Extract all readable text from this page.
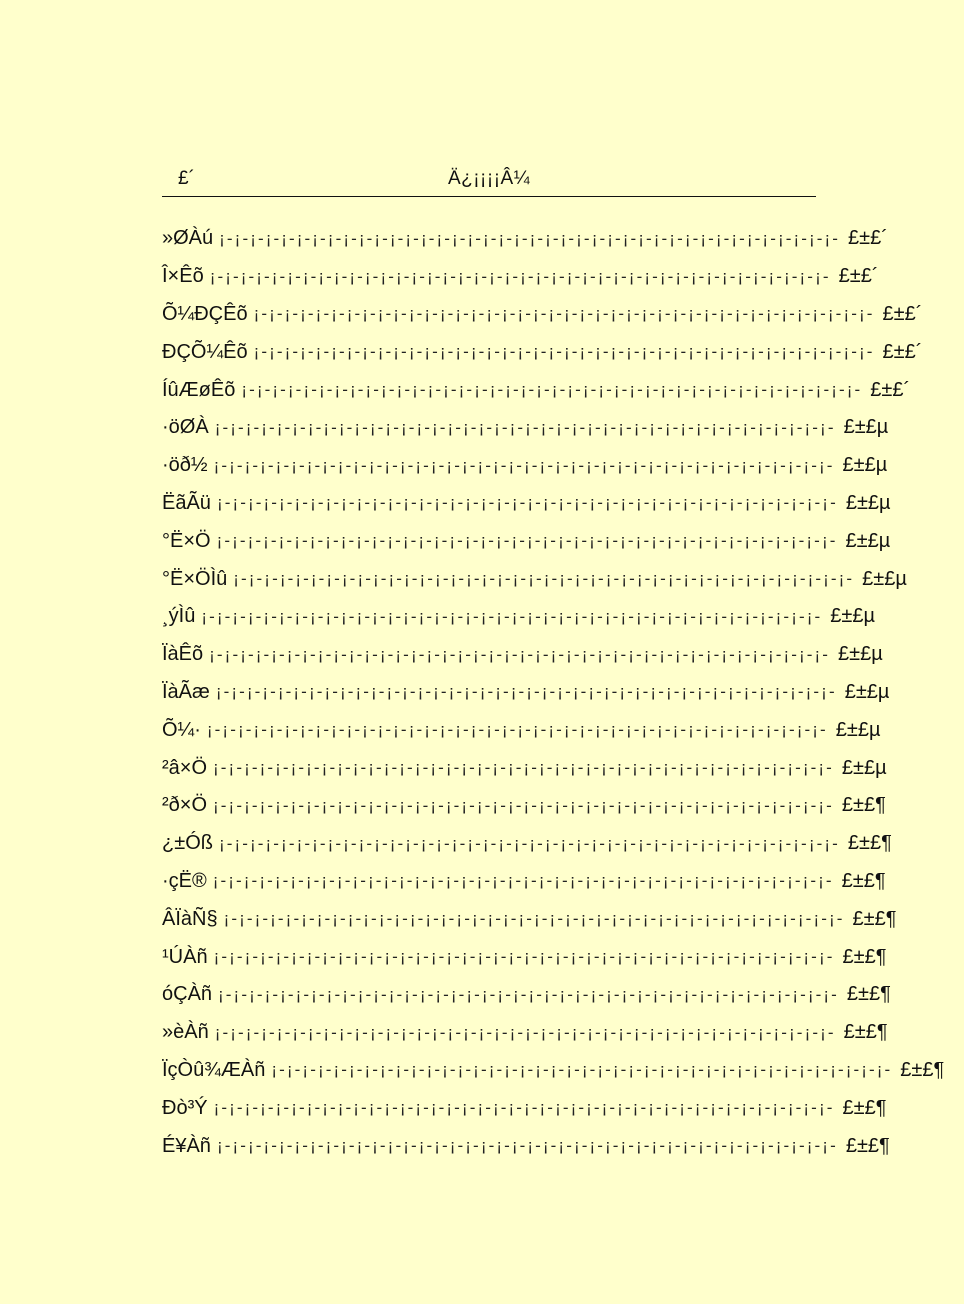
£´	Ä¿¡¡¡¡Â¼
»ØÀú ¡-¡-¡-¡-¡-¡-¡-¡-¡-¡-¡-¡-¡-¡-¡-¡-¡-¡-¡-¡-¡-¡-¡-¡-¡-¡-¡-¡-¡-¡-¡-¡-¡-¡-¡-¡-¡-¡-¡-¡- £±£´
Î×Êõ ¡-¡-¡-¡-¡-¡-¡-¡-¡-¡-¡-¡-¡-¡-¡-¡-¡-¡-¡-¡-¡-¡-¡-¡-¡-¡-¡-¡-¡-¡-¡-¡-¡-¡-¡-¡-¡-¡-¡-¡- £±£´
Õ¼ÐÇÊõ ¡-¡-¡-¡-¡-¡-¡-¡-¡-¡-¡-¡-¡-¡-¡-¡-¡-¡-¡-¡-¡-¡-¡-¡-¡-¡-¡-¡-¡-¡-¡-¡-¡-¡-¡-¡-¡-¡-¡-¡- £±£´
ÐÇÕ¼Êõ ¡-¡-¡-¡-¡-¡-¡-¡-¡-¡-¡-¡-¡-¡-¡-¡-¡-¡-¡-¡-¡-¡-¡-¡-¡-¡-¡-¡-¡-¡-¡-¡-¡-¡-¡-¡-¡-¡-¡-¡- £±£´
ÍûÆøÊõ ¡-¡-¡-¡-¡-¡-¡-¡-¡-¡-¡-¡-¡-¡-¡-¡-¡-¡-¡-¡-¡-¡-¡-¡-¡-¡-¡-¡-¡-¡-¡-¡-¡-¡-¡-¡-¡-¡-¡-¡- £±£´
·öØÀ ¡-¡-¡-¡-¡-¡-¡-¡-¡-¡-¡-¡-¡-¡-¡-¡-¡-¡-¡-¡-¡-¡-¡-¡-¡-¡-¡-¡-¡-¡-¡-¡-¡-¡-¡-¡-¡-¡-¡-¡- £±£µ
·öð½ ¡-¡-¡-¡-¡-¡-¡-¡-¡-¡-¡-¡-¡-¡-¡-¡-¡-¡-¡-¡-¡-¡-¡-¡-¡-¡-¡-¡-¡-¡-¡-¡-¡-¡-¡-¡-¡-¡-¡-¡- £±£µ
ËãÃü ¡-¡-¡-¡-¡-¡-¡-¡-¡-¡-¡-¡-¡-¡-¡-¡-¡-¡-¡-¡-¡-¡-¡-¡-¡-¡-¡-¡-¡-¡-¡-¡-¡-¡-¡-¡-¡-¡-¡-¡- £±£µ
°Ë×Ö ¡-¡-¡-¡-¡-¡-¡-¡-¡-¡-¡-¡-¡-¡-¡-¡-¡-¡-¡-¡-¡-¡-¡-¡-¡-¡-¡-¡-¡-¡-¡-¡-¡-¡-¡-¡-¡-¡-¡-¡- £±£µ
°Ë×ÖÌû ¡-¡-¡-¡-¡-¡-¡-¡-¡-¡-¡-¡-¡-¡-¡-¡-¡-¡-¡-¡-¡-¡-¡-¡-¡-¡-¡-¡-¡-¡-¡-¡-¡-¡-¡-¡-¡-¡-¡-¡- £±£µ
¸ýÌû ¡-¡-¡-¡-¡-¡-¡-¡-¡-¡-¡-¡-¡-¡-¡-¡-¡-¡-¡-¡-¡-¡-¡-¡-¡-¡-¡-¡-¡-¡-¡-¡-¡-¡-¡-¡-¡-¡-¡-¡- £±£µ
ÏàÊõ ¡-¡-¡-¡-¡-¡-¡-¡-¡-¡-¡-¡-¡-¡-¡-¡-¡-¡-¡-¡-¡-¡-¡-¡-¡-¡-¡-¡-¡-¡-¡-¡-¡-¡-¡-¡-¡-¡-¡-¡- £±£µ
ÏàÃæ ¡-¡-¡-¡-¡-¡-¡-¡-¡-¡-¡-¡-¡-¡-¡-¡-¡-¡-¡-¡-¡-¡-¡-¡-¡-¡-¡-¡-¡-¡-¡-¡-¡-¡-¡-¡-¡-¡-¡-¡- £±£µ
Õ¼· ¡-¡-¡-¡-¡-¡-¡-¡-¡-¡-¡-¡-¡-¡-¡-¡-¡-¡-¡-¡-¡-¡-¡-¡-¡-¡-¡-¡-¡-¡-¡-¡-¡-¡-¡-¡-¡-¡-¡-¡- £±£µ
²â×Ö ¡-¡-¡-¡-¡-¡-¡-¡-¡-¡-¡-¡-¡-¡-¡-¡-¡-¡-¡-¡-¡-¡-¡-¡-¡-¡-¡-¡-¡-¡-¡-¡-¡-¡-¡-¡-¡-¡-¡-¡- £±£µ
²ð×Ö ¡-¡-¡-¡-¡-¡-¡-¡-¡-¡-¡-¡-¡-¡-¡-¡-¡-¡-¡-¡-¡-¡-¡-¡-¡-¡-¡-¡-¡-¡-¡-¡-¡-¡-¡-¡-¡-¡-¡-¡- £±£¶
¿±Óß ¡-¡-¡-¡-¡-¡-¡-¡-¡-¡-¡-¡-¡-¡-¡-¡-¡-¡-¡-¡-¡-¡-¡-¡-¡-¡-¡-¡-¡-¡-¡-¡-¡-¡-¡-¡-¡-¡-¡-¡- £±£¶
·çË® ¡-¡-¡-¡-¡-¡-¡-¡-¡-¡-¡-¡-¡-¡-¡-¡-¡-¡-¡-¡-¡-¡-¡-¡-¡-¡-¡-¡-¡-¡-¡-¡-¡-¡-¡-¡-¡-¡-¡-¡- £±£¶
ÂÏàÑ§ ¡-¡-¡-¡-¡-¡-¡-¡-¡-¡-¡-¡-¡-¡-¡-¡-¡-¡-¡-¡-¡-¡-¡-¡-¡-¡-¡-¡-¡-¡-¡-¡-¡-¡-¡-¡-¡-¡-¡-¡- £±£¶
¹ÚÀñ ¡-¡-¡-¡-¡-¡-¡-¡-¡-¡-¡-¡-¡-¡-¡-¡-¡-¡-¡-¡-¡-¡-¡-¡-¡-¡-¡-¡-¡-¡-¡-¡-¡-¡-¡-¡-¡-¡-¡-¡- £±£¶
óÇÀñ ¡-¡-¡-¡-¡-¡-¡-¡-¡-¡-¡-¡-¡-¡-¡-¡-¡-¡-¡-¡-¡-¡-¡-¡-¡-¡-¡-¡-¡-¡-¡-¡-¡-¡-¡-¡-¡-¡-¡-¡- £±£¶
»èÀñ ¡-¡-¡-¡-¡-¡-¡-¡-¡-¡-¡-¡-¡-¡-¡-¡-¡-¡-¡-¡-¡-¡-¡-¡-¡-¡-¡-¡-¡-¡-¡-¡-¡-¡-¡-¡-¡-¡-¡-¡- £±£¶
ÏçÒû¾ÆÀñ ¡-¡-¡-¡-¡-¡-¡-¡-¡-¡-¡-¡-¡-¡-¡-¡-¡-¡-¡-¡-¡-¡-¡-¡-¡-¡-¡-¡-¡-¡-¡-¡-¡-¡-¡-¡-¡-¡-¡-¡- £±£¶
Ðò³Ý ¡-¡-¡-¡-¡-¡-¡-¡-¡-¡-¡-¡-¡-¡-¡-¡-¡-¡-¡-¡-¡-¡-¡-¡-¡-¡-¡-¡-¡-¡-¡-¡-¡-¡-¡-¡-¡-¡-¡-¡- £±£¶
É¥Àñ ¡-¡-¡-¡-¡-¡-¡-¡-¡-¡-¡-¡-¡-¡-¡-¡-¡-¡-¡-¡-¡-¡-¡-¡-¡-¡-¡-¡-¡-¡-¡-¡-¡-¡-¡-¡-¡-¡-¡-¡- £±£¶
